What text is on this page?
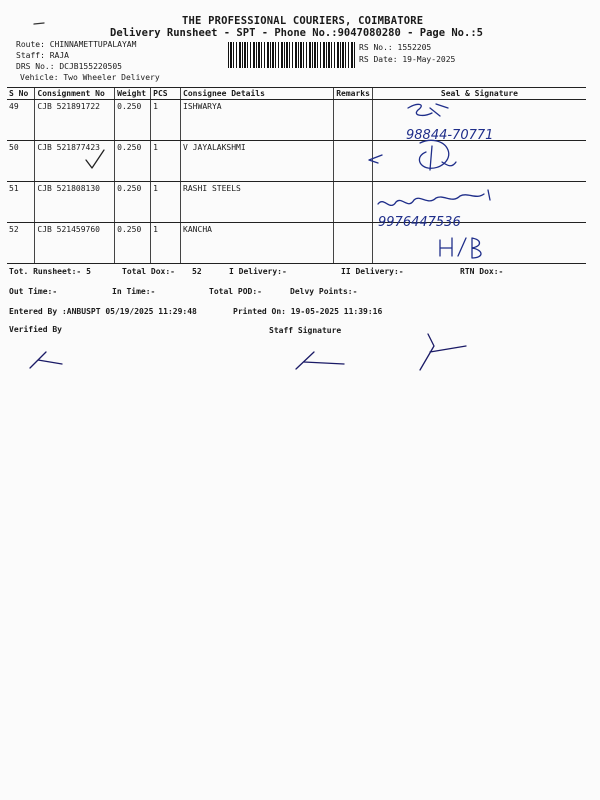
THE PROFESSIONAL COURIERS, COIMBATORE
Delivery Runsheet - SPT - Phone No.:9047080280 - Page No.:5
Route: CHINNAMETTUPALAYAM
Staff: RAJA
DRS No.: DCJB155220505
Vehicle: Two Wheeler Delivery
RS No.: 1552205
RS Date: 19-May-2025
S No	Consignment No	Weight	PCS	Consignee Details	Remarks	Seal & Signature
49	CJB 521891722	0.250	1	ISHWARYA		
50	CJB 521877423	0.250	1	V JAYALAKSHMI		
51	CJB 521808130	0.250	1	RASHI STEELS		
52	CJB 521459760	0.250	1	KANCHA		
Tot. Runsheet:- 5	Total Dox:- 52	I Delivery:-	II Delivery:-	RTN Dox:-
Out Time:-	In Time:-	Total POD:-	Delvy Points:-
Entered By :ANBUSPT 05/19/2025 11:29:48	Printed On: 19-05-2025 11:39:16
Verified By	Staff Signature
98844-70771
9976447536
H/B
